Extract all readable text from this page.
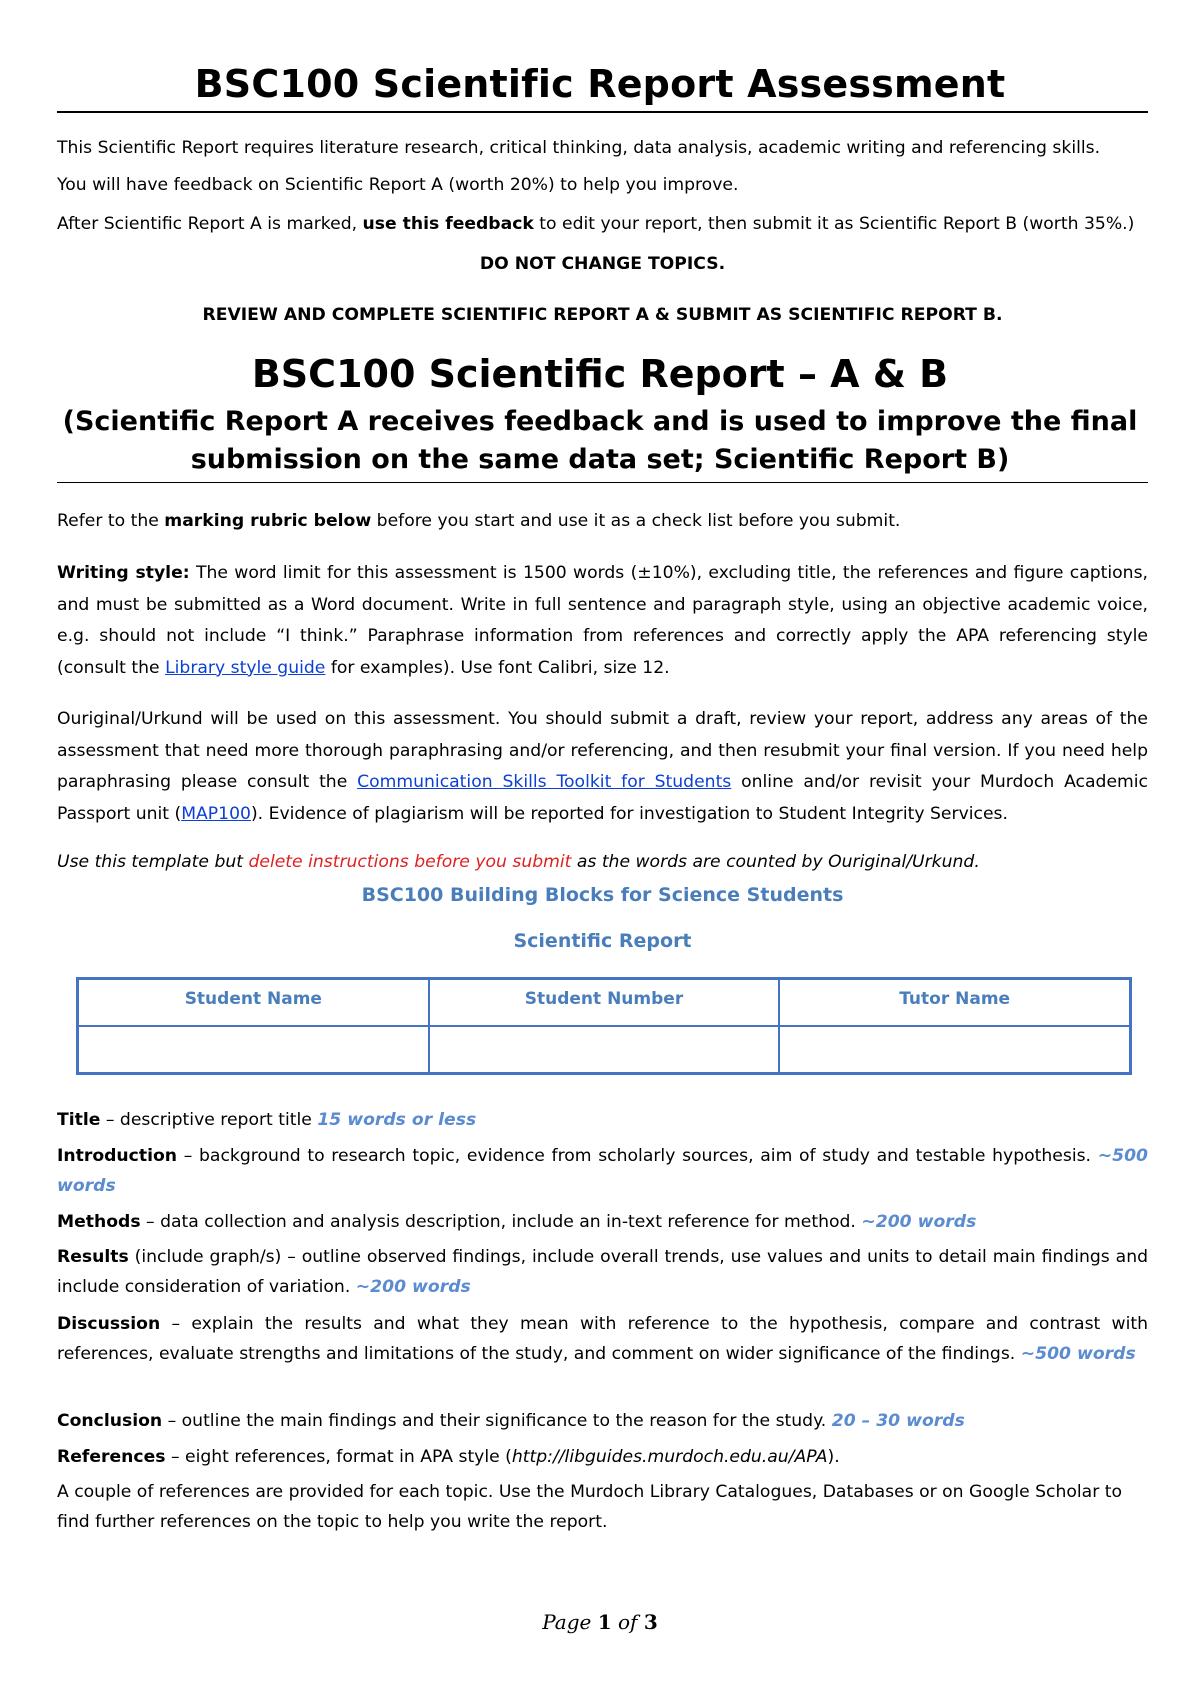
BSC100 Scientific Report Assessment
This Scientific Report requires literature research, critical thinking, data analysis, academic writing and referencing skills.
You will have feedback on Scientific Report A (worth 20%) to help you improve.
After Scientific Report A is marked, use this feedback to edit your report, then submit it as Scientific Report B (worth 35%.)
DO NOT CHANGE TOPICS.
REVIEW AND COMPLETE SCIENTIFIC REPORT A & SUBMIT AS SCIENTIFIC REPORT B.
BSC100 Scientific Report – A & B
(Scientific Report A receives feedback and is used to improve the final
submission on the same data set; Scientific Report B)
Refer to the marking rubric below before you start and use it as a check list before you submit.
Writing style: The word limit for this assessment is 1500 words (±10%), excluding title, the references and figure captions, and must be submitted as a Word document. Write in full sentence and paragraph style, using an objective academic voice, e.g. should not include “I think.” Paraphrase information from references and correctly apply the APA referencing style (consult the Library style guide for examples). Use font Calibri, size 12.
Ouriginal/Urkund will be used on this assessment. You should submit a draft, review your report, address any areas of the assessment that need more thorough paraphrasing and/or referencing, and then resubmit your final version. If you need help paraphrasing please consult the Communication Skills Toolkit for Students online and/or revisit your Murdoch Academic Passport unit (MAP100). Evidence of plagiarism will be reported for investigation to Student Integrity Services.
Use this template but delete instructions before you submit as the words are counted by Ouriginal/Urkund.
BSC100 Building Blocks for Science Students
Scientific Report
Student Name	Student Number	Tutor Name
Title – descriptive report title 15 words or less
Introduction – background to research topic, evidence from scholarly sources, aim of study and testable hypothesis. ~500 words
Methods – data collection and analysis description, include an in-text reference for method. ~200 words
Results (include graph/s) – outline observed findings, include overall trends, use values and units to detail main findings and include consideration of variation. ~200 words
Discussion – explain the results and what they mean with reference to the hypothesis, compare and contrast with references, evaluate strengths and limitations of the study, and comment on wider significance of the findings. ~500 words
Conclusion – outline the main findings and their significance to the reason for the study. 20 – 30 words
References – eight references, format in APA style (http://libguides.murdoch.edu.au/APA).
A couple of references are provided for each topic. Use the Murdoch Library Catalogues, Databases or on Google Scholar to find further references on the topic to help you write the report.
Page 1 of 3
